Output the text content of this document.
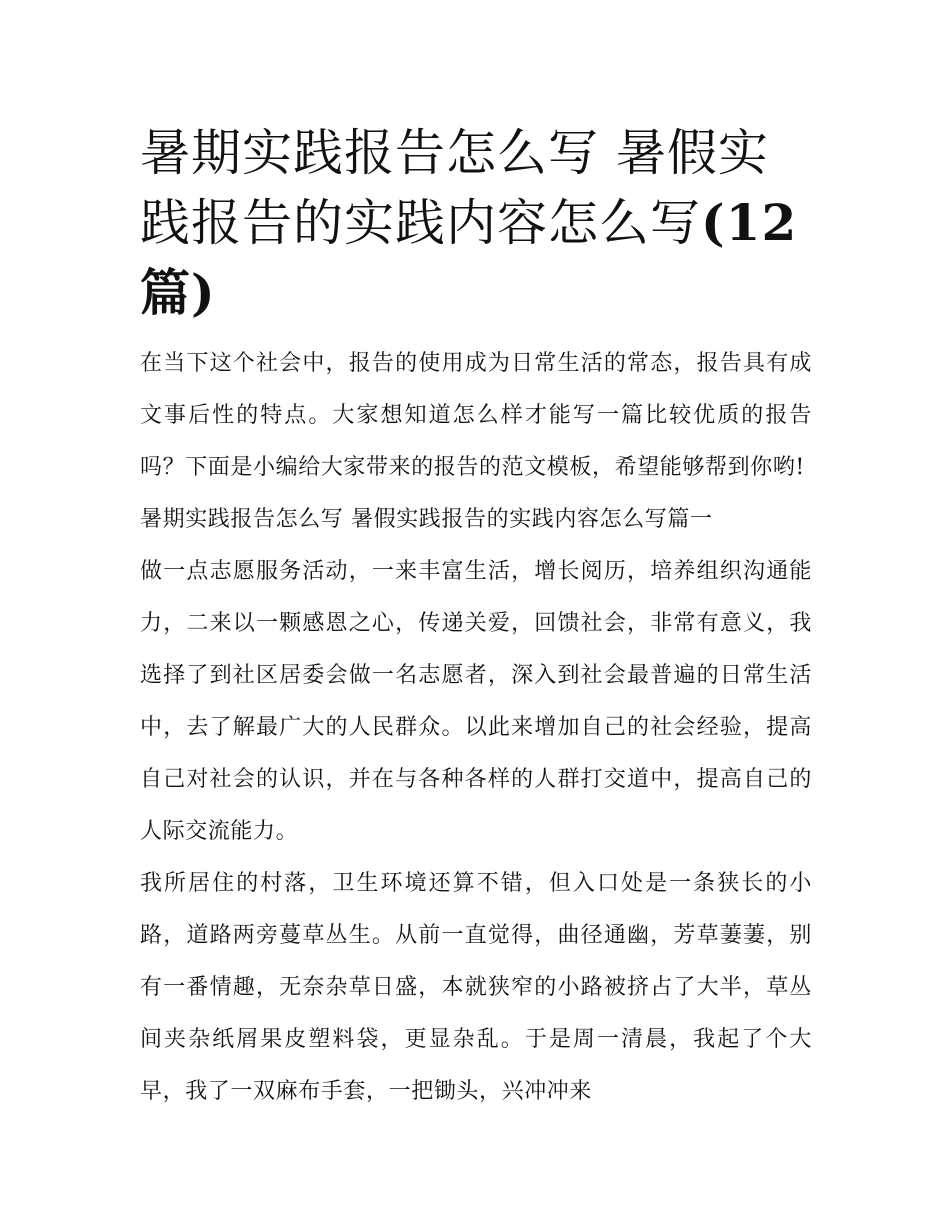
暑期实践报告怎么写 暑假实践报告的实践内容怎么写(12 篇)

在当下这个社会中，报告的使用成为日常生活的常态，报告具有成文事后性的特点。大家想知道怎么样才能写一篇比较优质的报告吗？下面是小编给大家带来的报告的范文模板，希望能够帮到你哟!

暑期实践报告怎么写 暑假实践报告的实践内容怎么写篇一

做一点志愿服务活动，一来丰富生活，增长阅历，培养组织沟通能力，二来以一颗感恩之心，传递关爱，回馈社会，非常有意义，我选择了到社区居委会做一名志愿者，深入到社会最普遍的日常生活中，去了解最广大的人民群众。以此来增加自己的社会经验，提高自己对社会的认识，并在与各种各样的人群打交道中，提高自己的人际交流能力。

我所居住的村落，卫生环境还算不错，但入口处是一条狭长的小路，道路两旁蔓草丛生。从前一直觉得，曲径通幽，芳草萋萋，别有一番情趣，无奈杂草日盛，本就狭窄的小路被挤占了大半，草丛间夹杂纸屑果皮塑料袋，更显杂乱。于是周一清晨，我起了个大早，我了一双麻布手套，一把锄头，兴冲冲来
